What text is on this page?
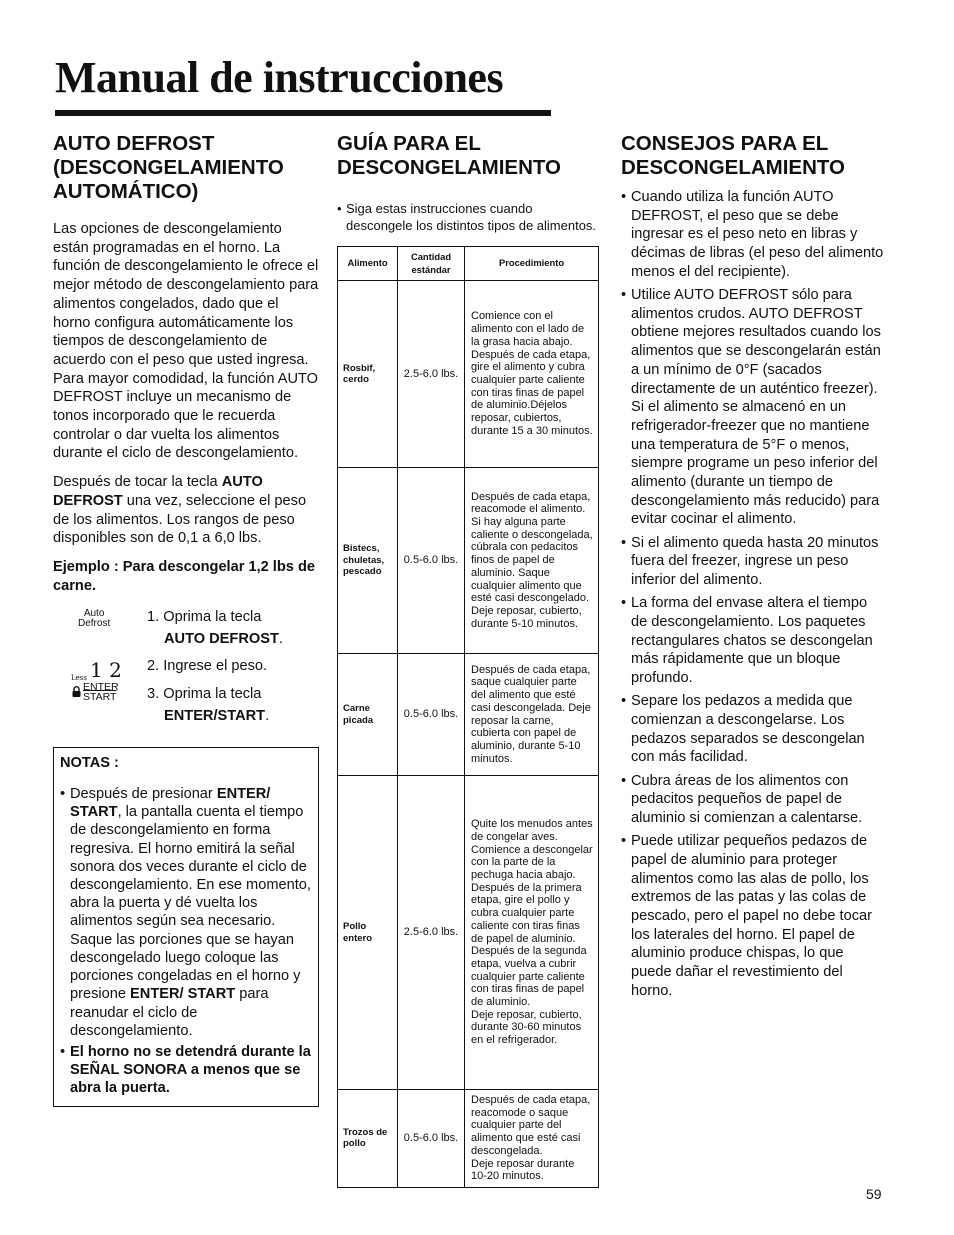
Manual de instrucciones
AUTO DEFROST (DESCONGELAMIENTO AUTOMÁTICO)

Las opciones de descongelamiento están programadas en el horno. La función de descongelamiento le ofrece el mejor método de descongelamiento para alimentos congelados, dado que el horno configura automáticamente los tiempos de descongelamiento de acuerdo con el peso que usted ingresa. Para mayor comodidad, la función AUTO DEFROST incluye un mecanismo de tonos incorporado que le recuerda controlar o dar vuelta los alimentos durante el ciclo de descongelamiento.

Después de tocar la tecla AUTO DEFROST una vez, seleccione el peso de los alimentos. Los rangos de peso disponibles son de 0,1 a 6,0 lbs.

Ejemplo : Para descongelar 1,2 lbs de carne.
Auto
Defrost	1. Oprima la tecla
AUTO DEFROST.
Less 1 2 2. Ingrese el peso.
ENTER
START 3. Oprima la tecla
ENTER/START.
NOTAS :
• Después de presionar ENTER/ START, la pantalla cuenta el tiempo de descongelamiento en forma regresiva. El horno emitirá la señal sonora dos veces durante el ciclo de descongelamiento. En ese momento, abra la puerta y dé vuelta los alimentos según sea necesario. Saque las porciones que se hayan descongelado luego coloque las porciones congeladas en el horno y presione ENTER/ START para reanudar el ciclo de descongelamiento.
• El horno no se detendrá durante la SEÑAL SONORA a menos que se abra la puerta.
GUÍA PARA EL DESCONGELAMIENTO
• Siga estas instrucciones cuando descongele los distintos tipos de alimentos.
Alimento	Cantidad estándar	Procedimiento
Rosbif, cerdo	2.5-6.0 lbs.	Comience con el alimento con el lado de la grasa hacia abajo.
Después de cada etapa, gire el alimento y cubra cualquier parte caliente con tiras finas de papel de aluminio.Déjelos reposar, cubiertos, durante 15 a 30 minutos.
Bistecs, chuletas, pescado	0.5-6.0 lbs.	Después de cada etapa, reacomode el alimento. Si hay alguna parte caliente o descongelada, cúbrala con pedacitos finos de papel de aluminio. Saque cualquier alimento que esté casi descongelado.
Deje reposar, cubierto, durante 5-10 minutos.
Carne picada	0.5-6.0 lbs.	Después de cada etapa, saque cualquier parte del alimento que esté casi descongelada. Deje reposar la carne, cubierta con papel de aluminio, durante 5-10 minutos.
Pollo entero	2.5-6.0 lbs.	Quite los menudos antes de congelar aves. Comience a descongelar con la parte de la pechuga hacia abajo.
Después de la primera etapa, gire el pollo y cubra cualquier parte caliente con tiras finas de papel de aluminio.
Después de la segunda etapa, vuelva a cubrir cualquier parte caliente con tiras finas de papel de aluminio.
Deje reposar, cubierto, durante 30-60 minutos en el refrigerador.
Trozos de pollo	0.5-6.0 lbs.	Después de cada etapa, reacomode o saque cualquier parte del alimento que esté casi descongelada.
Deje reposar durante 10-20 minutos.
CONSEJOS PARA EL DESCONGELAMIENTO
• Cuando utiliza la función AUTO DEFROST, el peso que se debe ingresar es el peso neto en libras y décimas de libras (el peso del alimento menos el del recipiente).
• Utilice AUTO DEFROST sólo para alimentos crudos. AUTO DEFROST obtiene mejores resultados cuando los alimentos que se descongelarán están a un mínimo de 0°F (sacados directamente de un auténtico freezer). Si el alimento se almacenó en un refrigerador-freezer que no mantiene una temperatura de 5°F o menos, siempre programe un peso inferior del alimento (durante un tiempo de descongelamiento más reducido) para evitar cocinar el alimento.
• Si el alimento queda hasta 20 minutos fuera del freezer, ingrese un peso inferior del alimento.
• La forma del envase altera el tiempo de descongelamiento. Los paquetes rectangulares chatos se descongelan más rápidamente que un bloque profundo.
• Separe los pedazos a medida que comienzan a descongelarse. Los pedazos separados se descongelan con más facilidad.
• Cubra áreas de los alimentos con pedacitos pequeños de papel de aluminio si comienzan a calentarse.
• Puede utilizar pequeños pedazos de papel de aluminio para proteger alimentos como las alas de pollo, los extremos de las patas y las colas de pescado, pero el papel no debe tocar los laterales del horno. El papel de aluminio produce chispas, lo que puede dañar el revestimiento del horno.
59
